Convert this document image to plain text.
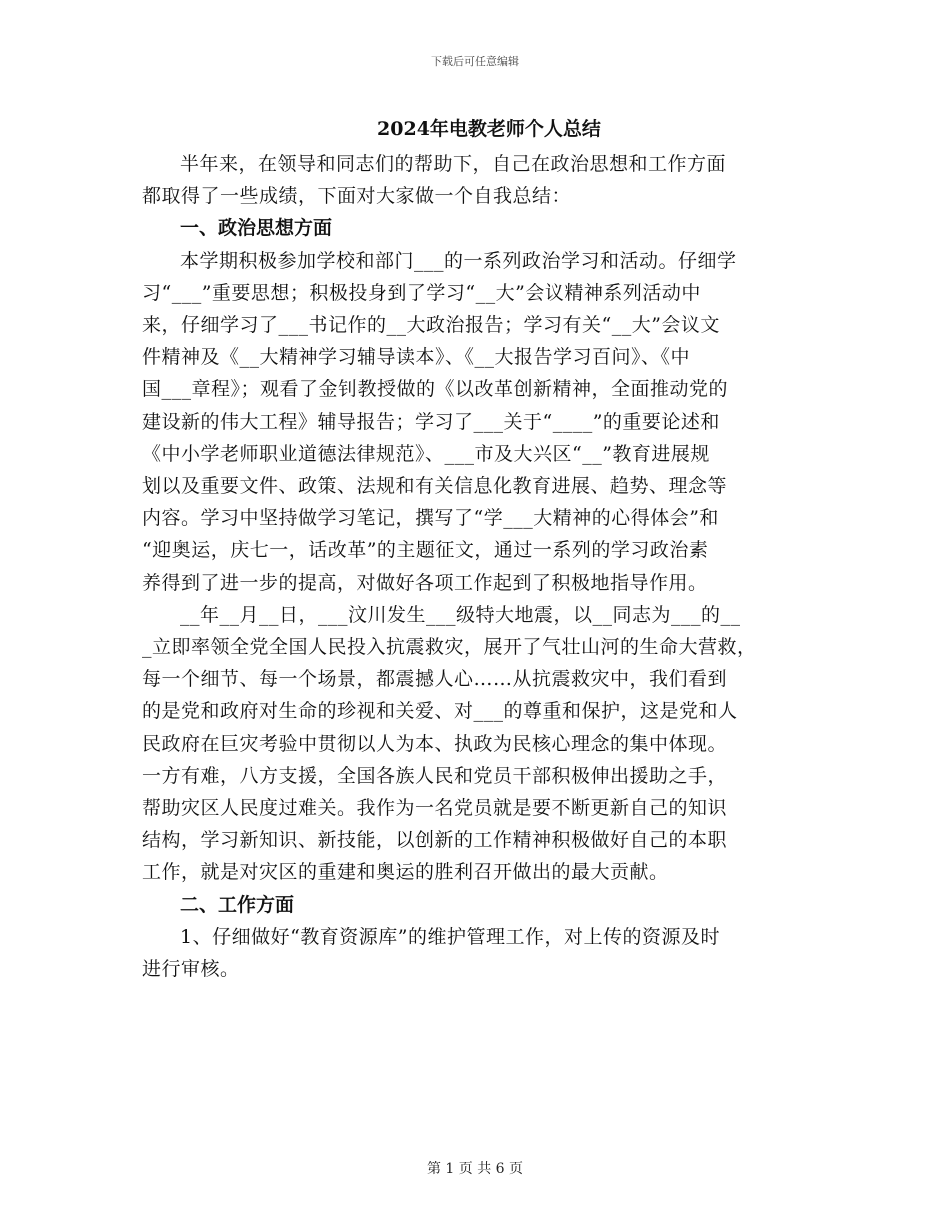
下载后可任意编辑
2024年电教老师个人总结

半年来，在领导和同志们的帮助下，自己在政治思想和工作方面
都取得了一些成绩，下面对大家做一个自我总结：

一、政治思想方面

本学期积极参加学校和部门___的一系列政治学习和活动。仔细学
习“___”重要思想；积极投身到了学习“__大”会议精神系列活动中
来，仔细学习了___书记作的__大政治报告；学习有关“__大”会议文
件精神及《__大精神学习辅导读本》、《__大报告学习百问》、《中
国___章程》；观看了金钊教授做的《以改革创新精神，全面推动党的
建设新的伟大工程》辅导报告；学习了___关于“____”的重要论述和
《中小学老师职业道德法律规范》、___市及大兴区“__”教育进展规
划以及重要文件、政策、法规和有关信息化教育进展、趋势、理念等
内容。学习中坚持做学习笔记，撰写了“学___大精神的心得体会”和
“迎奥运，庆七一，话改革”的主题征文，通过一系列的学习政治素
养得到了进一步的提高，对做好各项工作起到了积极地指导作用。

__年__月__日，___汶川发生___级特大地震，以__同志为___的__
_立即率领全党全国人民投入抗震救灾，展开了气壮山河的生命大营救，
每一个细节、每一个场景，都震撼人心……从抗震救灾中，我们看到
的是党和政府对生命的珍视和关爱、对___的尊重和保护，这是党和人
民政府在巨灾考验中贯彻以人为本、执政为民核心理念的集中体现。
一方有难，八方支援，全国各族人民和党员干部积极伸出援助之手，
帮助灾区人民度过难关。我作为一名党员就是要不断更新自己的知识
结构，学习新知识、新技能，以创新的工作精神积极做好自己的本职
工作，就是对灾区的重建和奥运的胜利召开做出的最大贡献。

二、工作方面

1、仔细做好“教育资源库”的维护管理工作，对上传的资源及时
进行审核。

第 1 页 共 6 页
